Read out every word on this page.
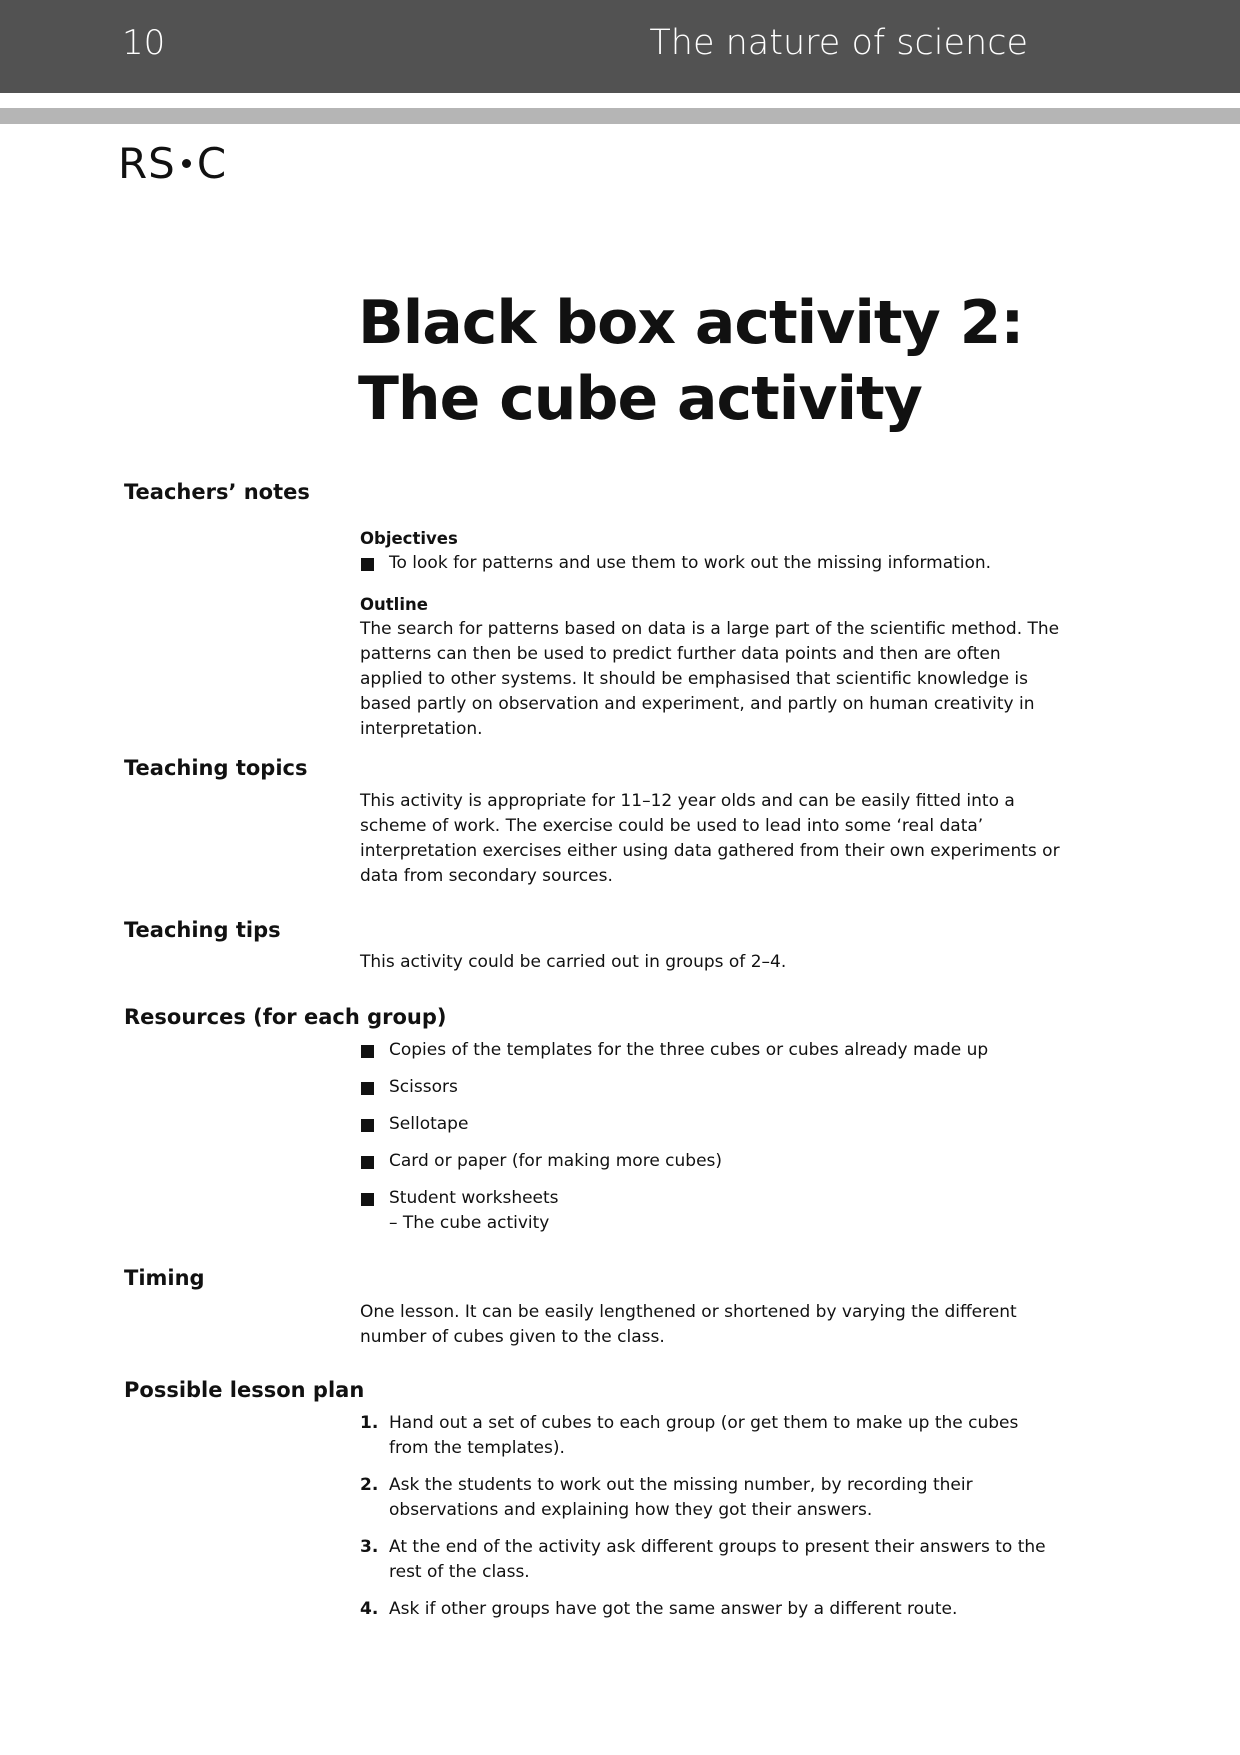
10	The nature of science
RS C
Black box activity 2:
The cube activity
Teachers’ notes

Objectives

To look for patterns and use them to work out the missing information.

Outline

The search for patterns based on data is a large part of the scientific method. The patterns can then be used to predict further data points and then are often applied to other systems. It should be emphasised that scientific knowledge is based partly on observation and experiment, and partly on human creativity in interpretation.

Teaching topics

This activity is appropriate for 11–12 year olds and can be easily fitted into a scheme of work. The exercise could be used to lead into some ‘real data’ interpretation exercises either using data gathered from their own experiments or data from secondary sources.

Teaching tips

This activity could be carried out in groups of 2–4.

Resources (for each group)
Copies of the templates for the three cubes or cubes already made up
Scissors
Sellotape
Card or paper (for making more cubes)
Student worksheets
– The cube activity
Timing

One lesson. It can be easily lengthened or shortened by varying the different number of cubes given to the class.

Possible lesson plan
1. Hand out a set of cubes to each group (or get them to make up the cubes from the templates).
2. Ask the students to work out the missing number, by recording their observations and explaining how they got their answers.
3. At the end of the activity ask different groups to present their answers to the rest of the class.
4. Ask if other groups have got the same answer by a different route.
